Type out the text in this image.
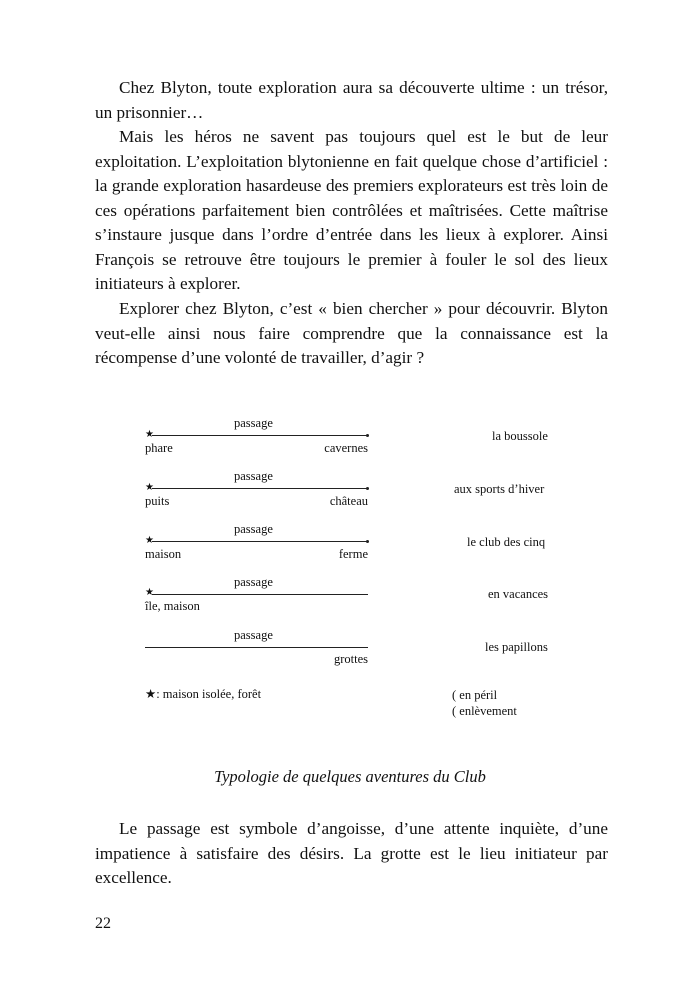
Chez Blyton, toute exploration aura sa découverte ultime : un trésor, un prisonnier…

Mais les héros ne savent pas toujours quel est le but de leur exploitation. L’exploitation blytonienne en fait quelque chose d’artificiel : la grande exploration hasardeuse des premiers explorateurs est très loin de ces opérations parfaitement bien contrôlées et maîtrisées. Cette maîtrise s’instaure jusque dans l’ordre d’entrée dans les lieux à explorer. Ainsi François se retrouve être toujours le premier à fouler le sol des lieux initiateurs à explorer.

Explorer chez Blyton, c’est « bien chercher » pour découvrir. Blyton veut-elle ainsi nous faire comprendre que la connaissance est la récompense d’une volonté de travailler, d’agir ?

passage
★
phare	cavernes
la boussole
passage
★
puits	château
aux sports d’hiver
passage
★
maison	ferme
le club des cinq
passage
★
île, maison
en vacances
passage
grottes
les papillons
★: maison isolée, forêt	( en péril
( enlèvement
Typologie de quelques aventures du Club

Le passage est symbole d’angoisse, d’une attente inquiète, d’une impatience à satisfaire des désirs. La grotte est le lieu initiateur par excellence.

22
